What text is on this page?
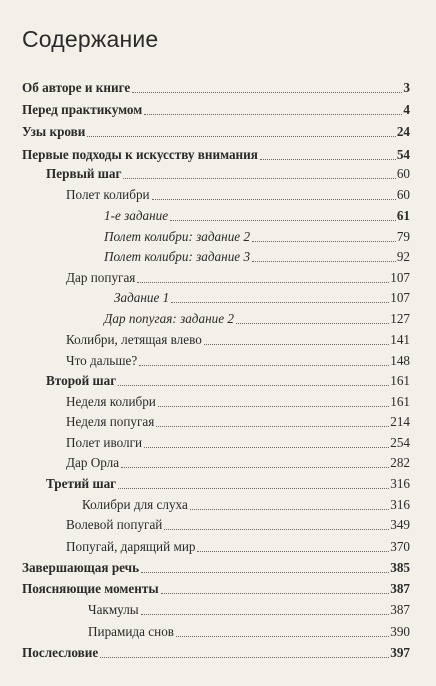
Содержание
Об авторе и книге	3
Перед практикумом	4
Узы крови	24
Первые подходы к искусству внимания	54
Первый шаг	60
Полет колибри	60
1-е задание	61
Полет колибри: задание 2	79
Полет колибри: задание 3	92
Дар попугая	107
Задание 1	107
Дар попугая: задание 2	127
Колибри, летящая влево	141
Что дальше?	148
Второй шаг	161
Неделя колибри	161
Неделя попугая	214
Полет иволги	254
Дар Орла	282
Третий шаг	316
Колибри для слуха	316
Волевой попугай	349
Попугай, дарящий мир	370
Завершающая речь	385
Поясняющие моменты	387
Чакмулы	387
Пирамида снов	390
Послесловие	397
